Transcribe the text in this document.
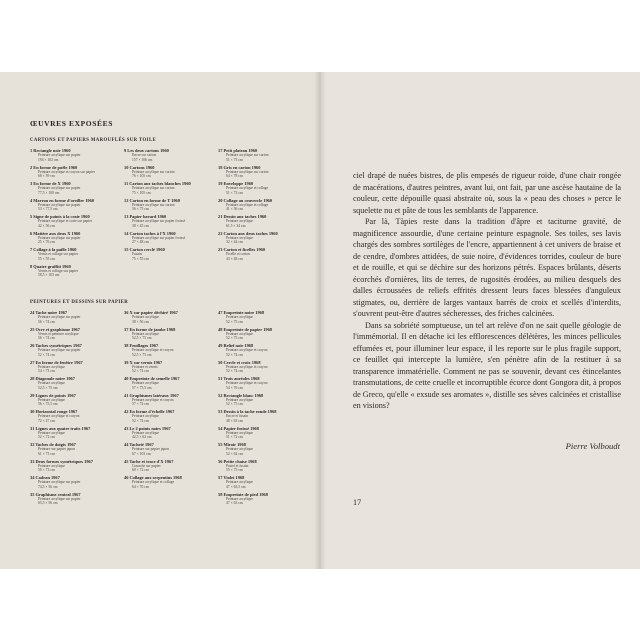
ŒUVRES EXPOSÉES
CARTONS ET PAPIERS MAROUFLÉS SUR TOILE
1 Rectangle noir 1960
Peinture acrylique sur papier
194 × 102 cm
2 En forme de poêle 1960
Peinture acrylique et crayon sur papier
68 × 59 cm
3 En forme de X 1960
Peinture acrylique sur papier
77,5 × 100 cm
4 Marron en forme d'oreiller 1960
Peinture acrylique sur papier
53 × 77,5 cm
5 Signe de points à la craie 1960
Peinture acrylique et craie sur papier
42 × 56 cm
6 Matière aux deux X 1960
Peinture acrylique sur papier
25 × 76 cm
7 Collage à la paille 1960
Vernis et collage sur papier
55 × 55 cm
8 Quatre graffiti 1960
Vernis et collage sur papier
58,5 × 103 cm
9 Les deux cartons 1960
Encre sur carton
157 × 106 cm
10 Cartons 1960
Peinture acrylique sur carton
76 × 105 cm
11 Carton aux taches blanches 1960
Peinture acrylique sur carton
75 × 105 cm
12 Carton en forme de T 1960
Peinture acrylique sur carton
56 × 75 cm
13 Papier bavard 1960
Peinture acrylique sur papier froissé
38 × 45 cm
14 Carton taches à l'X 1960
Peinture acrylique sur papier froissé
27 × 48 cm
15 Carton cerclé 1960
Fusain
75 × 55 cm
17 Petit plateau 1960
Peinture acrylique sur carton
51 × 73 cm
18 Gris en carton 1960
Peinture acrylique sur carton
64 × 78 cm
19 Enveloppe 1960
Peinture acrylique et collage
51 × 73 cm
20 Collage au couvercle 1960
Peinture acrylique et collage
41 × 56 cm
21 Dessin aux taches 1960
Peinture acrylique
61,5 × 34 cm
22 Carton aux deux taches 1960
Peinture acrylique
32 × 44 cm
23 Carton et ficelles 1960
Ficelle et carton
43 × 48 cm
PEINTURES ET DESSINS SUR PAPIER
24 Tache noire 1967
Peinture acrylique sur papier
56 × 74 cm
25 Ocre et graphisme 1967
Vernis et peinture acrylique
56 × 74 cm
26 Taches symétriques 1967
Peinture acrylique sur papier
52 × 74 cm
27 En forme de fenêtre 1967
Peinture acrylique
54 × 73 cm
28 Diagonale noire 1967
Peinture acrylique
52,5 × 75 cm
29 Lignes de points 1967
Peinture acrylique
56 × 75,5 cm
30 Horizontal rouge 1967
Peinture acrylique et crayon
72 × 47 cm
31 Lignes aux quatre traits 1967
Peinture acrylique
52 × 72 cm
32 Taches de doigts 1967
Peinture sur papier japon
61 × 73 cm
33 Deux formes symétriques 1967
Peinture acrylique
50 × 73 cm
34 Cadran 1967
Peinture acrylique sur papier
74,5 × 56 cm
35 Graphisme central 1967
Peinture acrylique sur papier
65,5 × 56 cm
36 X sur papier déchiré 1967
Peinture acrylique
38 × 56 cm
37 En forme de jambe 1968
Peinture acrylique
52,5 × 75 cm
38 Feuillages 1967
Peinture acrylique et crayon
52,5 × 75 cm
39 X sur vernis 1967
Peinture et vernis
52 × 74 cm
40 Empreinte de semelle 1967
Peinture acrylique
57 × 75,5 cm
41 Graphismes latéraux 1967
Peinture acrylique et crayon
57 × 74 cm
42 En forme d'échelle 1967
Peinture acrylique
52 × 74 cm
43 Le 2 points noirs 1967
Peinture acrylique
42,5 × 62 cm
44 Tacheté 1967
Peinture sur papier japon
67 × 103 cm
45 Tache et trace d'X 1967
Gouache sur papier
60 × 72 cm
46 Collage aux serpentins 1968
Peinture acrylique et collage
64 × 70 cm
47 Empreinte noire 1968
Peinture acrylique
52 × 75 cm
48 Empreinte de papier 1968
Peinture acrylique
52 × 75 cm
49 Relief noir 1968
Peinture acrylique et crayon
52 × 74 cm
50 Cercle et croix 1968
Peinture acrylique et crayon
52 × 74 cm
51 Trois auréoles 1968
Peinture acrylique et crayon
54 × 76 cm
52 Rectangle blanc 1968
Peinture acrylique
52 × 75 cm
53 Dessin à la tache ronde 1968
Encre et fusain
48 × 63 cm
54 Papier froissé 1968
Peinture acrylique
51 × 72 cm
55 Miroir 1968
Peinture acrylique
52 × 62 cm
56 Petite chaise 1968
Pastel et fusain
55 × 75 cm
57 Violet 1968
Peinture acrylique
47 × 65,5 cm
58 Empreinte de pied 1968
Peinture acrylique
47 × 63 cm

ciel drapé de nuées bistres, de plis empesés de rigueur roide, d'une chair rongée de macérations, d'autres peintres, avant lui, ont fait, par une ascèse hautaine de la couleur, cette dépouille quasi abstraite où, sous la « peau des choses » perce le squelette nu et pâte de tous les semblants de l'apparence.

Par là, Tàpies reste dans la tradition d'âpre et taciturne gravité, de magnificence assourdie, d'une certaine peinture espagnole. Ses toiles, ses lavis chargés des sombres sortilèges de l'encre, appartiennent à cet univers de braise et de cendre, d'ombres attidées, de suie noire, d'évidences torrides, couleur de bure et de rouille, et qui se déchire sur des horizons pétrés. Espaces brûlants, déserts écorchés d'ornières, lits de terres, de rugosités érodées, au milieu desquels des dalles écroussées de reliefs effrités dressent leurs faces blessées d'anguleux stigmates, ou, derrière de larges vantaux barrés de croix et scellés d'interdits, s'ouvrent peut-être d'autres sécheresses, des friches calcinées.

Dans sa sobriété somptueuse, un tel art relève d'on ne sait quelle géologie de l'immémorial. Il en détache ici les efflorescences délétères, les minces pellicules effumées et, pour illuminer leur espace, il les reporte sur le plus fragile support, ce feuillet qui intercepte la lumière, s'en pénètre afin de la restituer à sa transparence immatérielle. Comment ne pas se souvenir, devant ces étincelantes transmutations, de cette cruelle et incorruptible écorce dont Gongora dit, à propos de Greco, qu'elle « exsude ses aromates », distille ses sèves calcinées et cristallise en visions?

Pierre Volboudt
17
